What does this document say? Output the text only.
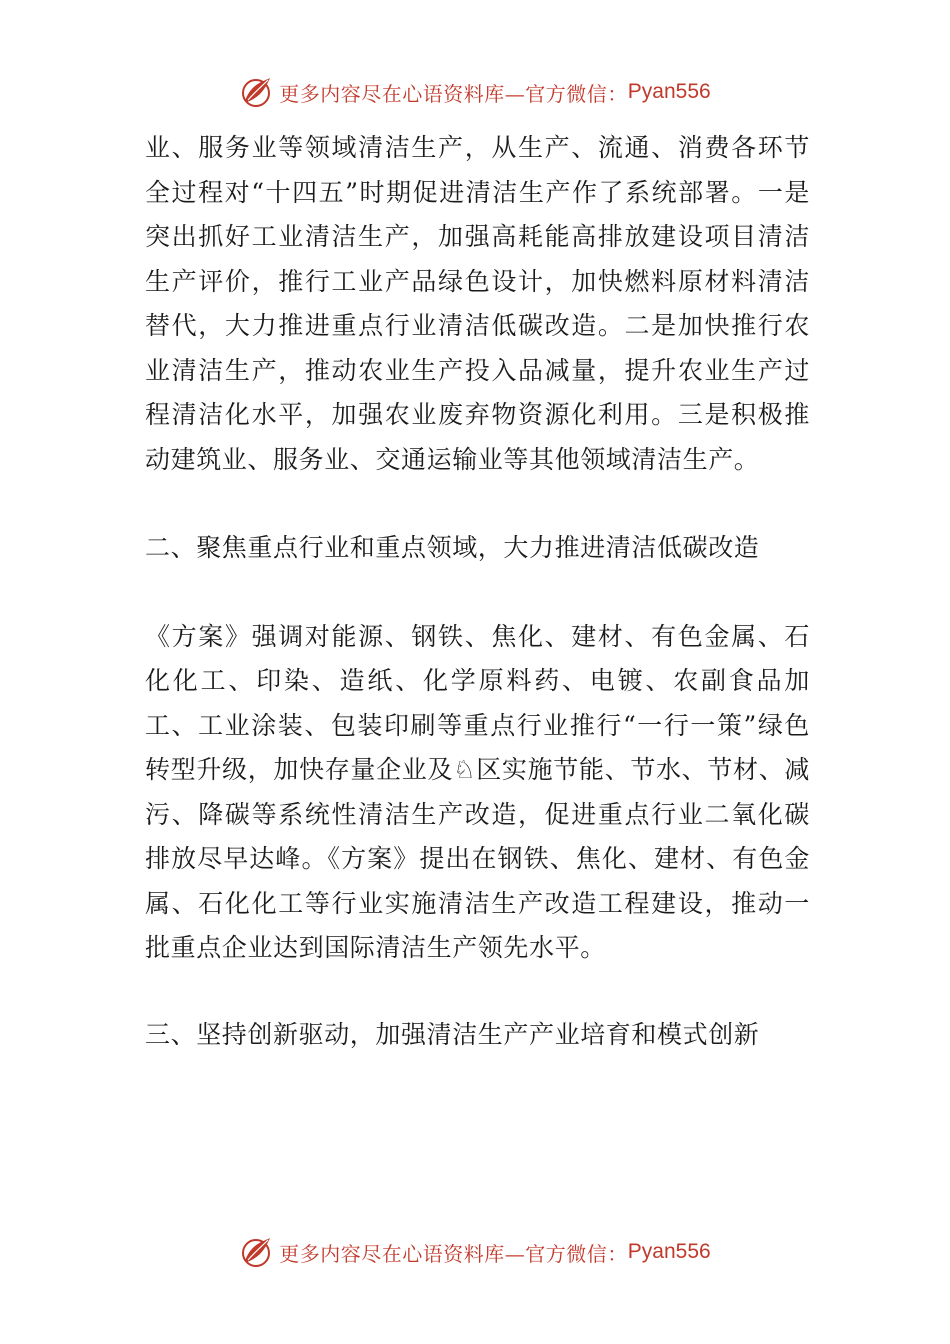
更多内容尽在心语资料库—官方微信： Pyan556

业、服务业等领域清洁生产，从生产、流通、消费各环节全过程对“十四五”时期促进清洁生产作了系统部署。一是突出抓好工业清洁生产，加强高耗能高排放建设项目清洁生产评价，推行工业产品绿色设计，加快燃料原材料清洁替代，大力推进重点行业清洁低碳改造。二是加快推行农业清洁生产，推动农业生产投入品减量，提升农业生产过程清洁化水平，加强农业废弃物资源化利用。三是积极推动建筑业、服务业、交通运输业等其他领域清洁生产。

二、聚焦重点行业和重点领域，大力推进清洁低碳改造

《方案》强调对能源、钢铁、焦化、建材、有色金属、石化化工、印染、造纸、化学原料药、电镀、农副食品加工、工业涂装、包装印刷等重点行业推行“一行一策”绿色转型升级，加快存量企业及♘区实施节能、节水、节材、减污、降碳等系统性清洁生产改造，促进重点行业二氧化碳排放尽早达峰。《方案》提出在钢铁、焦化、建材、有色金属、石化化工等行业实施清洁生产改造工程建设，推动一批重点企业达到国际清洁生产领先水平。

三、坚持创新驱动，加强清洁生产产业培育和模式创新

更多内容尽在心语资料库—官方微信： Pyan556
